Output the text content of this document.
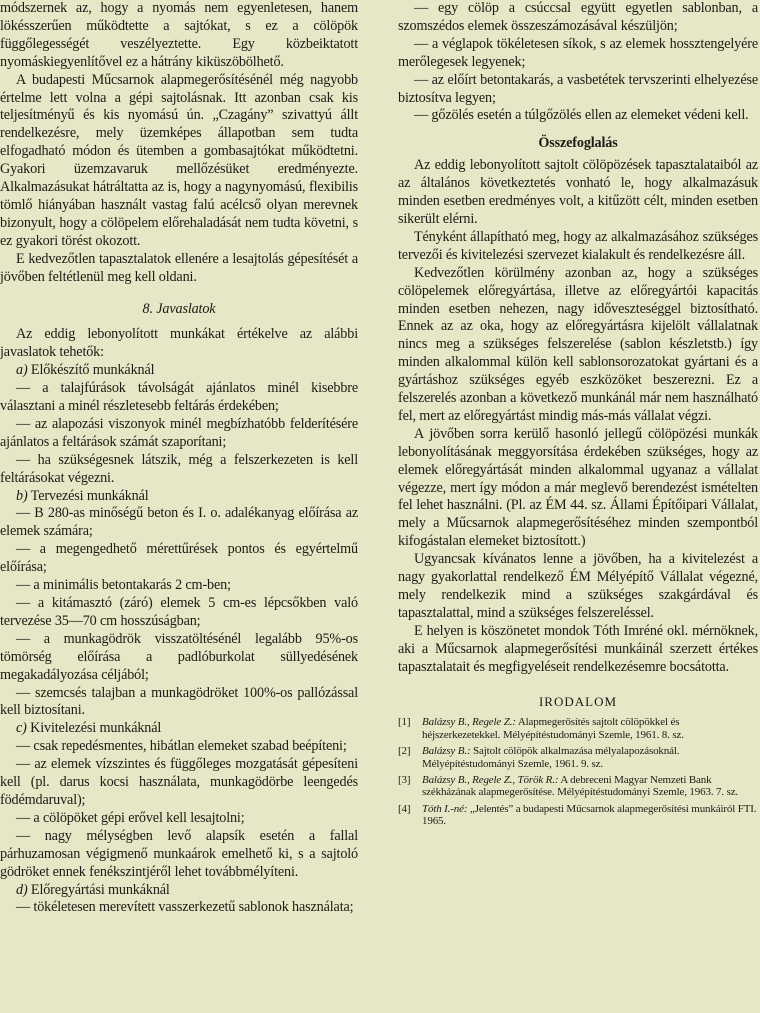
módszernek az, hogy a nyomás nem egyenletesen, hanem lökésszerűen működtette a sajtókat, s ez a cölöpök függőlegességét veszélyeztette. Egy közbeiktatott nyomáskiegyenlítővel ez a hátrány kiküszöbölhető.

A budapesti Műcsarnok alapmegerősítésénél még nagyobb értelme lett volna a gépi sajtolásnak. Itt azonban csak kis teljesítményű és kis nyomású ún. „Czagány” szivattyú állt rendelkezésre, mely üzemképes állapotban sem tudta elfogadható módon és ütemben a gombasajtókat működtetni. Gyakori üzemzavaruk mellőzésüket eredményezte. Alkalmazásukat hátráltatta az is, hogy a nagynyomású, flexibilis tömlő hiányában használt vastag falú acélcső olyan merevnek bizonyult, hogy a cölöpelem előrehaladását nem tudta követni, s ez gyakori törést okozott.

E kedvezőtlen tapasztalatok ellenére a lesajtolás gépesítését a jövőben feltétlenül meg kell oldani.

8. Javaslatok

Az eddig lebonyolított munkákat értékelve az alábbi javaslatok tehetők:

a) Előkészítő munkáknál

— a talajfúrások távolságát ajánlatos minél kisebbre választani a minél részletesebb feltárás érdekében;

— az alapozási viszonyok minél megbízhatóbb felderítésére ajánlatos a feltárások számát szaporítani;

— ha szükségesnek látszik, még a felszerkezeten is kell feltárásokat végezni.

b) Tervezési munkáknál

— B 280-as minőségű beton és I. o. adalékanyag előírása az elemek számára;

— a megengedhető mérettűrések pontos és egyértelmű előírása;

— a minimális betontakarás 2 cm-ben;

— a kitámasztó (záró) elemek 5 cm-es lépcsőkben való tervezése 35—70 cm hosszúságban;

— a munkagödrök visszatöltésénél legalább 95%-os tömörség előírása a padlóburkolat süllyedésének megakadályozása céljából;

— szemcsés talajban a munkagödröket 100%-os pallózással kell biztosítani.

c) Kivitelezési munkáknál

— csak repedésmentes, hibátlan elemeket szabad beépíteni;

— az elemek vízszintes és függőleges mozgatását gépesíteni kell (pl. darus kocsi használata, munkagödörbe leengedés födémdaruval);

— a cölöpöket gépi erővel kell lesajtolni;

— nagy mélységben levő alapsík esetén a fallal párhuzamosan végigmenő munkaárok emelhető ki, s a sajtoló gödröket ennek fenékszintjéről lehet továbbmélyíteni.

d) Előregyártási munkáknál

— tökéletesen merevített vasszerkezetű sablonok használata;

— egy cölöp a csúccsal együtt egyetlen sablonban, a szomszédos elemek összeszámozásával készüljön;

— a véglapok tökéletesen síkok, s az elemek hossztengelyére merőlegesek legyenek;

— az előírt betontakarás, a vasbetétek tervszerinti elhelyezése biztosítva legyen;

— gőzölés esetén a túlgőzölés ellen az elemeket védeni kell.

Összefoglalás

Az eddig lebonyolított sajtolt cölöpözések tapasztalataiból az az általános következtetés vonható le, hogy alkalmazásuk minden esetben eredményes volt, a kitűzött célt, minden esetben sikerült elérni.

Tényként állapítható meg, hogy az alkalmazásához szükséges tervezői és kivitelezési szervezet kialakult és rendelkezésre áll.

Kedvezőtlen körülmény azonban az, hogy a szükséges cölöpelemek előregyártása, illetve az előregyártói kapacitás minden esetben nehezen, nagy időveszteséggel biztosítható. Ennek az az oka, hogy az előregyártásra kijelölt vállalatnak nincs meg a szükséges felszerelése (sablon készletstb.) így minden alkalommal külön kell sablonsorozatokat gyártani és a gyártáshoz szükséges egyéb eszközöket beszerezni. Ez a felszerelés azonban a következő munkánál már nem használható fel, mert az előregyártást mindig más-más vállalat végzi.

A jövőben sorra kerülő hasonló jellegű cölöpözési munkák lebonyolításának meggyorsítása érdekében szükséges, hogy az elemek előregyártását minden alkalommal ugyanaz a vállalat végezze, mert így módon a már meglevő berendezést ismételten fel lehet használni. (Pl. az ÉM 44. sz. Állami Építőipari Vállalat, mely a Műcsarnok alapmegerősítéséhez minden szempontból kifogástalan elemeket biztosított.)

Ugyancsak kívánatos lenne a jövőben, ha a kivitelezést a nagy gyakorlattal rendelkező ÉM Mélyépítő Vállalat végezné, mely rendelkezik mind a szükséges szakgárdával és tapasztalattal, mind a szükséges felszereléssel.

E helyen is köszönetet mondok Tóth Imréné okl. mérnöknek, aki a Műcsarnok alapmegerősítési munkáinál szerzett értékes tapasztalatait és megfigyeléseit rendelkezésemre bocsátotta.

IRODALOM

[1]	Balázsy B., Regele Z.: Alapmegerősítés sajtolt cölöpökkel és héjszerkezetekkel. Mélyépítéstudományi Szemle, 1961. 8. sz.
[2]	Balázsy B.: Sajtolt cölöpök alkalmazása mélyalapozásoknál. Mélyépítéstudományi Szemle, 1961. 9. sz.
[3]	Balázsy B., Regele Z., Török R.: A debreceni Magyar Nemzeti Bank székházának alapmegerősítése. Mélyépítéstudományi Szemle, 1963. 7. sz.
[4]	Tóth I.-né: „Jelentés” a budapesti Műcsarnok alapmegerősítési munkáiról FTI. 1965.
